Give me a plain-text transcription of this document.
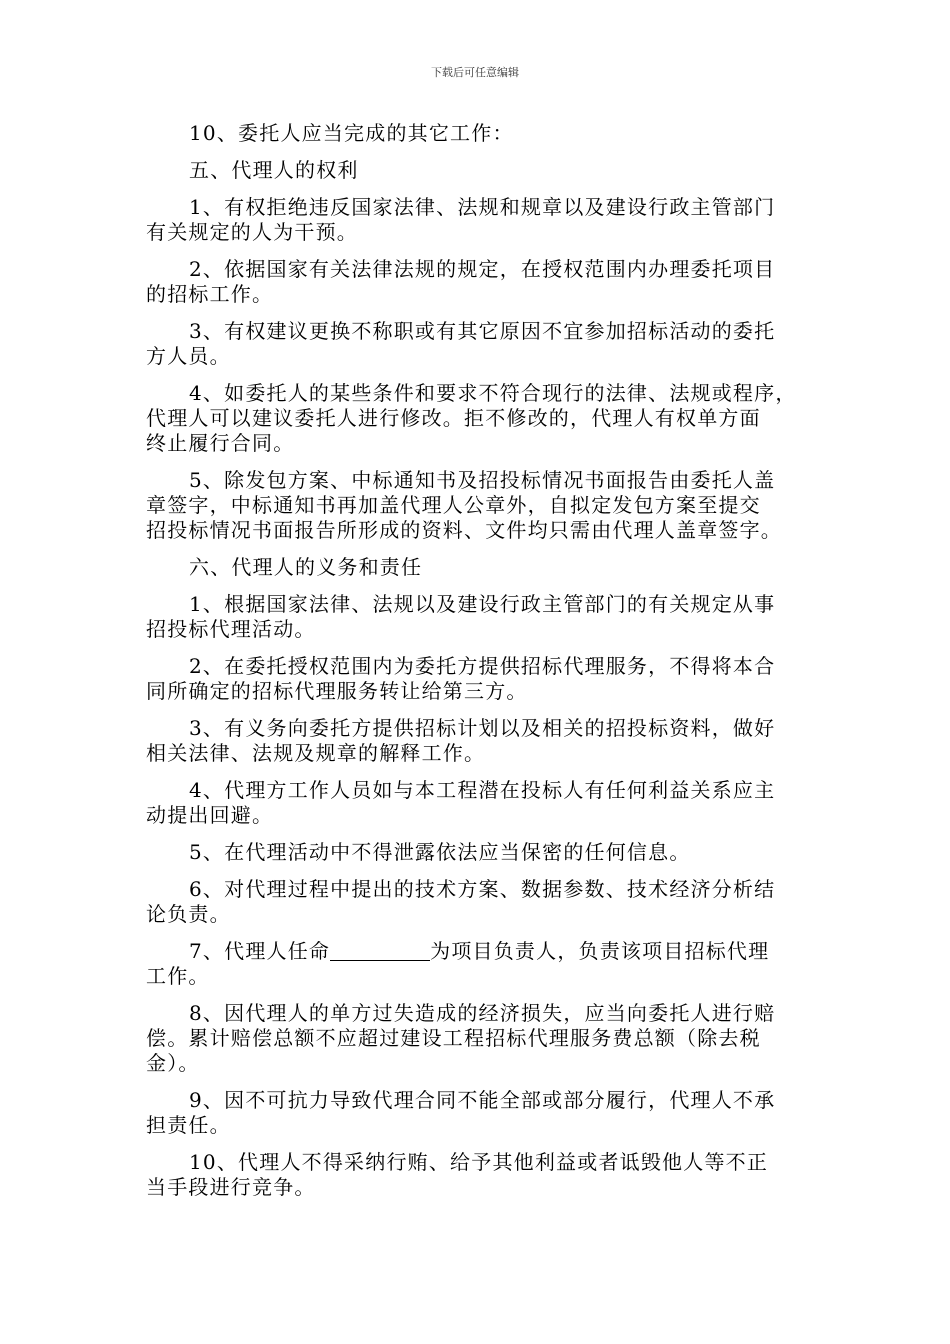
下载后可任意编辑
10、委托人应当完成的其它工作：
五、代理人的权利
1、有权拒绝违反国家法律、法规和规章以及建设行政主管部门
有关规定的人为干预。
2、依据国家有关法律法规的规定，在授权范围内办理委托项目
的招标工作。
3、有权建议更换不称职或有其它原因不宜参加招标活动的委托
方人员。
4、如委托人的某些条件和要求不符合现行的法律、法规或程序，
代理人可以建议委托人进行修改。拒不修改的，代理人有权单方面
终止履行合同。
5、除发包方案、中标通知书及招投标情况书面报告由委托人盖
章签字，中标通知书再加盖代理人公章外，自拟定发包方案至提交
招投标情况书面报告所形成的资料、文件均只需由代理人盖章签字。
六、代理人的义务和责任
1、根据国家法律、法规以及建设行政主管部门的有关规定从事
招投标代理活动。
2、在委托授权范围内为委托方提供招标代理服务，不得将本合
同所确定的招标代理服务转让给第三方。
3、有义务向委托方提供招标计划以及相关的招投标资料，做好
相关法律、法规及规章的解释工作。
4、代理方工作人员如与本工程潜在投标人有任何利益关系应主
动提出回避。
5、在代理活动中不得泄露依法应当保密的任何信息。
6、对代理过程中提出的技术方案、数据参数、技术经济分析结
论负责。
7、代理人任命	为项目负责人，负责该项目招标代理
工作。
8、因代理人的单方过失造成的经济损失，应当向委托人进行赔
偿。累计赔偿总额不应超过建设工程招标代理服务费总额（除去税
金）。
9、因不可抗力导致代理合同不能全部或部分履行，代理人不承
担责任。
10、代理人不得采纳行贿、给予其他利益或者诋毁他人等不正
当手段进行竞争。
